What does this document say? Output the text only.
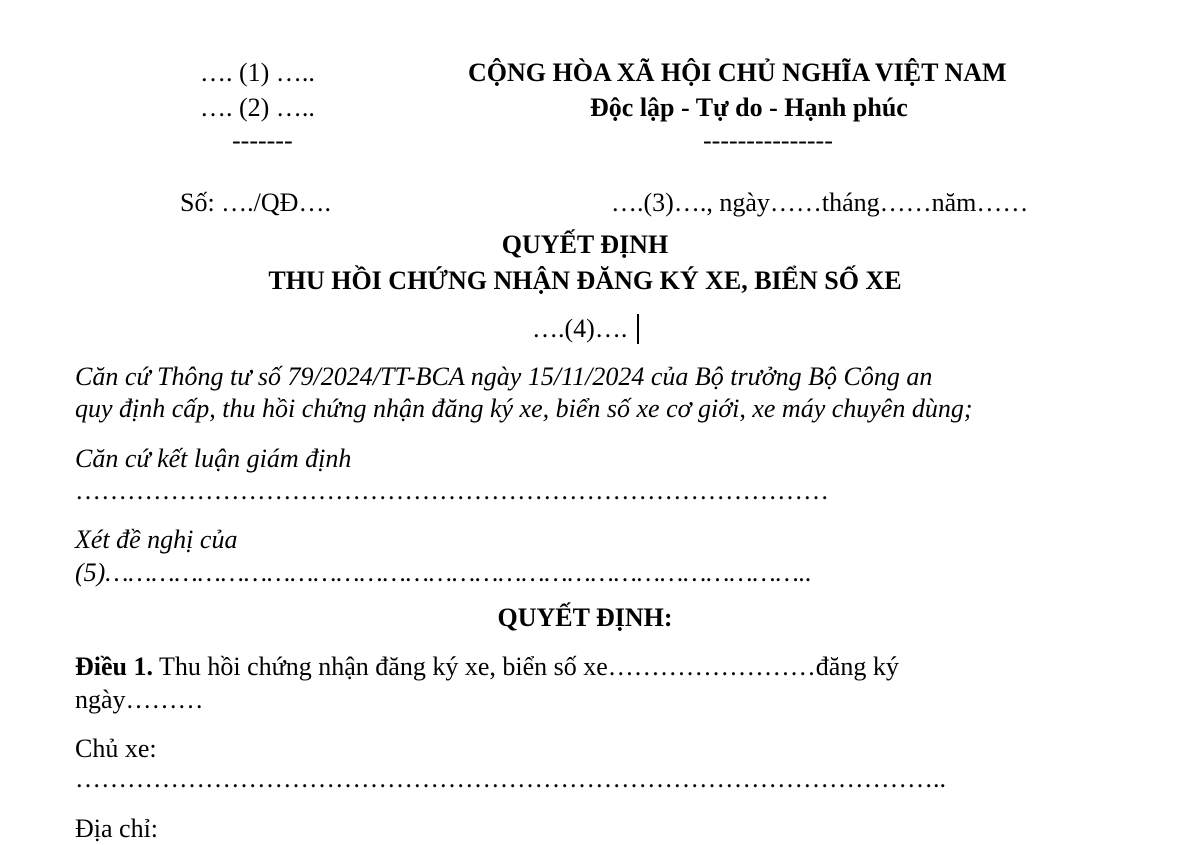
…. (1) …..
…. (2) …..
-------
CỘNG HÒA XÃ HỘI CHỦ NGHĨA VIỆT NAM
Độc lập - Tự do - Hạnh phúc
---------------
Số: …./QĐ….	….(3)…., ngày……tháng……năm……
QUYẾT ĐỊNH
THU HỒI CHỨNG NHẬN ĐĂNG KÝ XE, BIỂN SỐ XE
….(4)….
Căn cứ Thông tư số 79/2024/TT-BCA ngày 15/11/2024 của Bộ trưởng Bộ Công an
quy định cấp, thu hồi chứng nhận đăng ký xe, biển số xe cơ giới, xe máy chuyên dùng;
Căn cứ kết luận giám định
……………………………………………………………………………
Xét đề nghị của
(5)………………………………………………………………………………..
QUYẾT ĐỊNH:
Điều 1. Thu hồi chứng nhận đăng ký xe, biển số xe……………………đăng ký
ngày………
Chủ xe:
………………………………………………………………………………………..
Địa chỉ:
